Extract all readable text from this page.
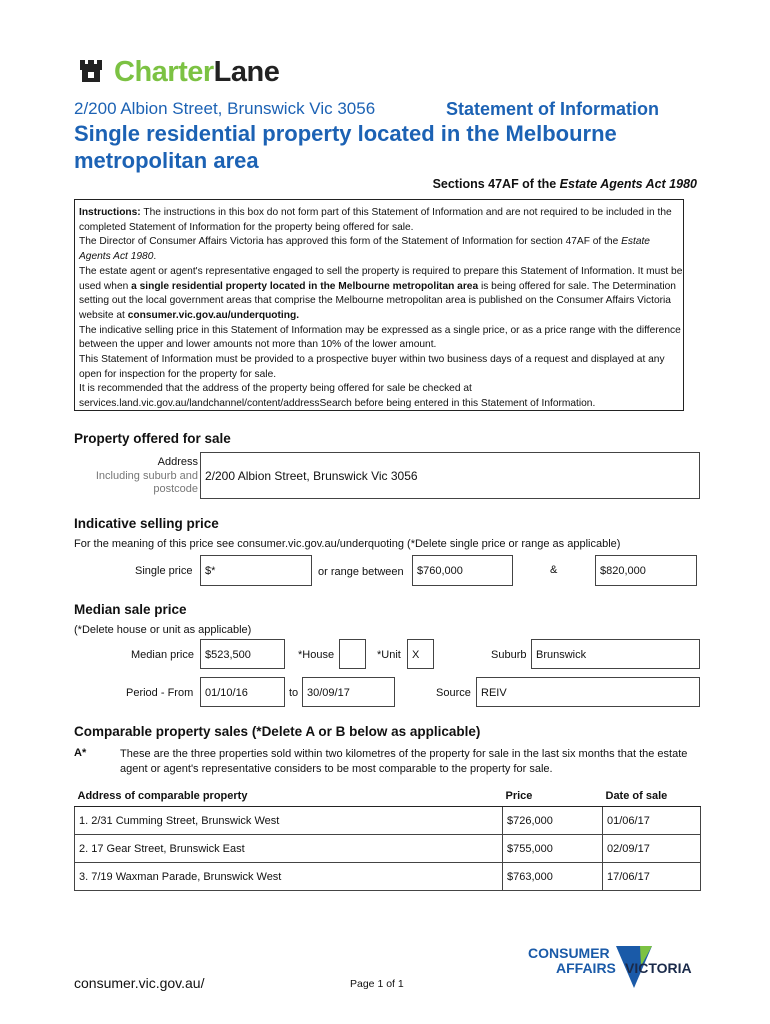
CharterLane
2/200 Albion Street, Brunswick Vic 3056	Statement of Information
Single residential property located in the Melbourne metropolitan area
Sections 47AF of the Estate Agents Act 1980

Instructions: The instructions in this box do not form part of this Statement of Information and are not required to be included in the completed Statement of Information for the property being offered for sale.

The Director of Consumer Affairs Victoria has approved this form of the Statement of Information for section 47AF of the Estate Agents Act 1980.

The estate agent or agent's representative engaged to sell the property is required to prepare this Statement of Information. It must be used when a single residential property located in the Melbourne metropolitan area is being offered for sale. The Determination setting out the local government areas that comprise the Melbourne metropolitan area is published on the Consumer Affairs Victoria website at consumer.vic.gov.au/underquoting.

The indicative selling price in this Statement of Information may be expressed as a single price, or as a price range with the difference between the upper and lower amounts not more than 10% of the lower amount.

This Statement of Information must be provided to a prospective buyer within two business days of a request and displayed at any open for inspection for the property for sale.

It is recommended that the address of the property being offered for sale be checked at services.land.vic.gov.au/landchannel/content/addressSearch before being entered in this Statement of Information.

Property offered for sale
Address
Including suburb and
postcode
2/200 Albion Street, Brunswick Vic 3056
Indicative selling price
For the meaning of this price see consumer.vic.gov.au/underquoting (*Delete single price or range as applicable)
Single price	$*	or range between	$760,000	&	$820,000
Median sale price
(*Delete house or unit as applicable)
Median price	$523,500	*House	*Unit	X	Suburb Brunswick
Period - From	01/10/16	to 30/09/17	Source REIV
Comparable property sales (*Delete A or B below as applicable)
A*	These are the three properties sold within two kilometres of the property for sale in the last six months that the estate agent or agent's representative considers to be most comparable to the property for sale.
Address of comparable property	Price	Date of sale
1. 2/31 Cumming Street, Brunswick West	$726,000	01/06/17
2. 17 Gear Street, Brunswick East	$755,000	02/09/17
3. 7/19 Waxman Parade, Brunswick West	$763,000	17/06/17
CONSUMER
AFFAIRS VICTORIA
consumer.vic.gov.au/	Page 1 of 1
